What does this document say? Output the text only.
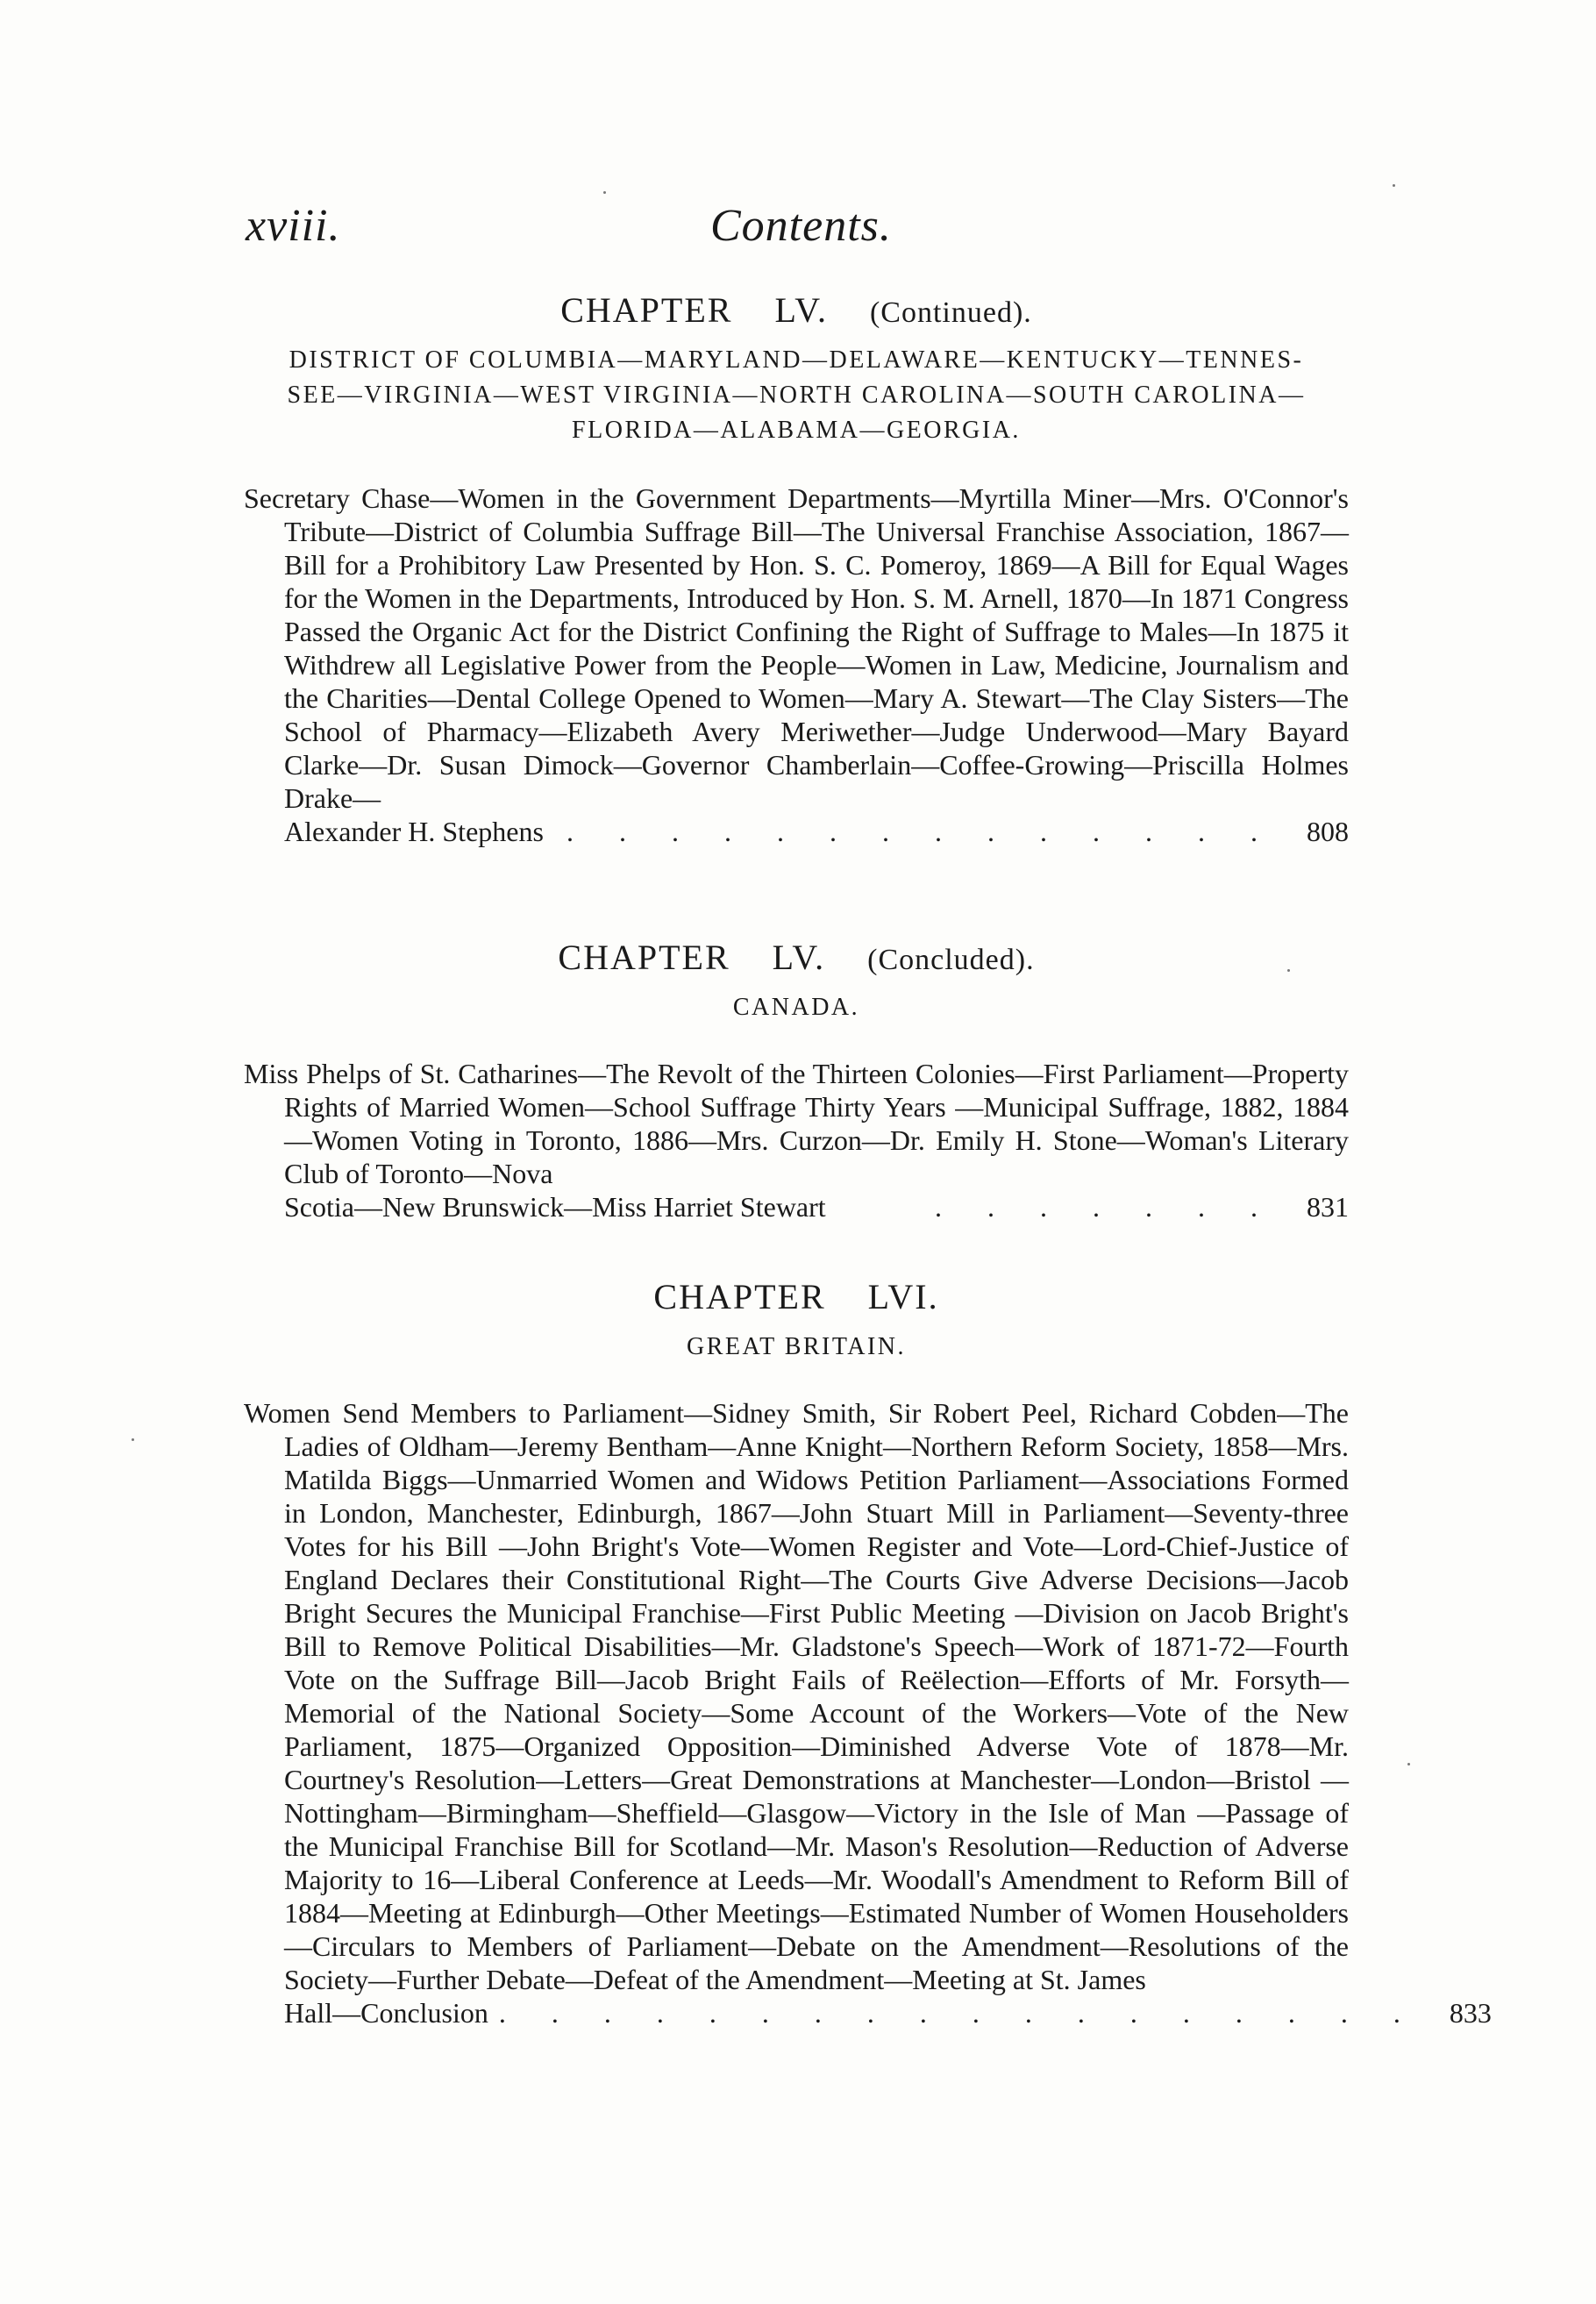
xviii.	Contents.
CHAPTER LV. (Continued).

DISTRICT OF COLUMBIA—MARYLAND—DELAWARE—KENTUCKY—TENNES-SEE—VIRGINIA—WEST VIRGINIA—NORTH CAROLINA—SOUTH CAROLINA—FLORIDA—ALABAMA—GEORGIA.

Secretary Chase—Women in the Government Departments—Myrtilla Miner—Mrs. O'Connor's Tribute—District of Columbia Suffrage Bill—The Universal Franchise Association, 1867—Bill for a Prohibitory Law Presented by Hon. S. C. Pomeroy, 1869—A Bill for Equal Wages for the Women in the Departments, Introduced by Hon. S. M. Arnell, 1870—In 1871 Congress Passed the Organic Act for the District Confining the Right of Suffrage to Males—In 1875 it Withdrew all Legislative Power from the People—Women in Law, Medicine, Journalism and the Charities—Dental College Opened to Women—Mary A. Stewart—The Clay Sisters—The School of Pharmacy—Elizabeth Avery Meriwether—Judge Underwood—Mary Bayard Clarke—Dr. Susan Dimock—Governor Chamberlain—Coffee-Growing—Priscilla Holmes Drake—

Alexander H. Stephens . . . . . . . . . . . . . .	808
CHAPTER LV. (Concluded).

CANADA.

Miss Phelps of St. Catharines—The Revolt of the Thirteen Colonies—First Parliament—Property Rights of Married Women—School Suffrage Thirty Years —Municipal Suffrage, 1882, 1884—Women Voting in Toronto, 1886—Mrs. Curzon—Dr. Emily H. Stone—Woman's Literary Club of Toronto—Nova

Scotia—New Brunswick—Miss Harriet Stewart	. . . . . . .	831
CHAPTER LVI.

GREAT BRITAIN.

Women Send Members to Parliament—Sidney Smith, Sir Robert Peel, Richard Cobden—The Ladies of Oldham—Jeremy Bentham—Anne Knight—Northern Reform Society, 1858—Mrs. Matilda Biggs—Unmarried Women and Widows Petition Parliament—Associations Formed in London, Manchester, Edinburgh, 1867—John Stuart Mill in Parliament—Seventy-three Votes for his Bill —John Bright's Vote—Women Register and Vote—Lord-Chief-Justice of England Declares their Constitutional Right—The Courts Give Adverse Decisions—Jacob Bright Secures the Municipal Franchise—First Public Meeting —Division on Jacob Bright's Bill to Remove Political Disabilities—Mr. Gladstone's Speech—Work of 1871-72—Fourth Vote on the Suffrage Bill—Jacob Bright Fails of Reëlection—Efforts of Mr. Forsyth—Memorial of the National Society—Some Account of the Workers—Vote of the New Parliament, 1875—Organized Opposition—Diminished Adverse Vote of 1878—Mr. Courtney's Resolution—Letters—Great Demonstrations at Manchester—London—Bristol —Nottingham—Birmingham—Sheffield—Glasgow—Victory in the Isle of Man —Passage of the Municipal Franchise Bill for Scotland—Mr. Mason's Resolution—Reduction of Adverse Majority to 16—Liberal Conference at Leeds—Mr. Woodall's Amendment to Reform Bill of 1884—Meeting at Edinburgh—Other Meetings—Estimated Number of Women Householders—Circulars to Members of Parliament—Debate on the Amendment—Resolutions of the Society—Further Debate—Defeat of the Amendment—Meeting at St. James

Hall—Conclusion . . . . . . . . . . . . . . . . . .	833
